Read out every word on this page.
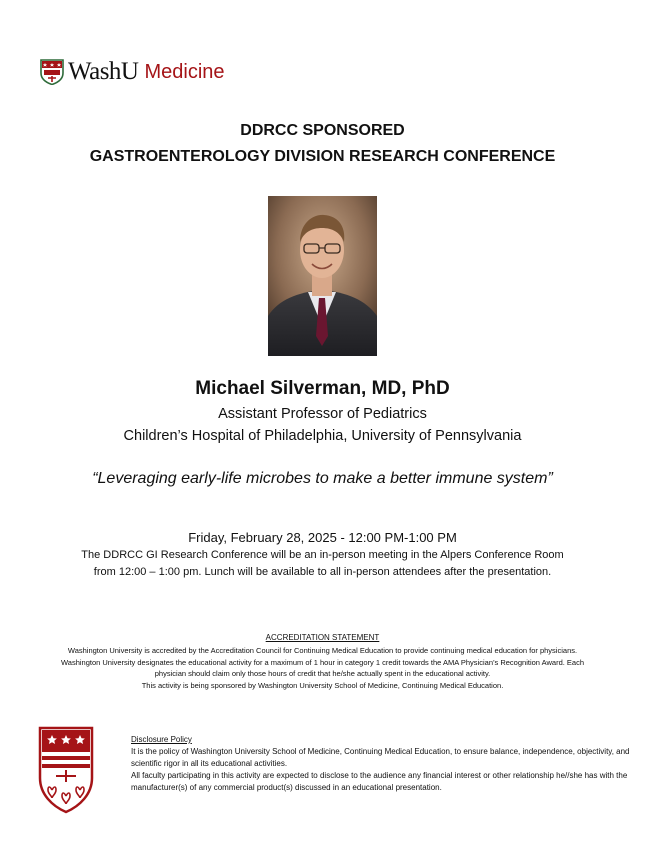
WashU Medicine
DDRCC SPONSORED
GASTROENTEROLOGY DIVISION RESEARCH CONFERENCE
Michael Silverman, MD, PhD
Assistant Professor of Pediatrics
Children’s Hospital of Philadelphia, University of Pennsylvania
“Leveraging early-life microbes to make a better immune system”
Friday, February 28, 2025 - 12:00 PM-1:00 PM
The DDRCC GI Research Conference will be an in-person meeting in the Alpers Conference Room from 12:00 – 1:00 pm. Lunch will be available to all in-person attendees after the presentation.
ACCREDITATION STATEMENT

Washington University is accredited by the Accreditation Council for Continuing Medical Education to provide continuing medical education for physicians.

Washington University designates the educational activity for a maximum of 1 hour in category 1 credit towards the AMA Physician’s Recognition Award. Each physician should claim only those hours of credit that he/she actually spent in the educational activity.

This activity is being sponsored by Washington University School of Medicine, Continuing Medical Education.

Disclosure Policy

It is the policy of Washington University School of Medicine, Continuing Medical Education, to ensure balance, independence, objectivity, and scientific rigor in all its educational activities.

All faculty participating in this activity are expected to disclose to the audience any financial interest or other relationship he//she has with the manufacturer(s) of any commercial product(s) discussed in an educational presentation.
